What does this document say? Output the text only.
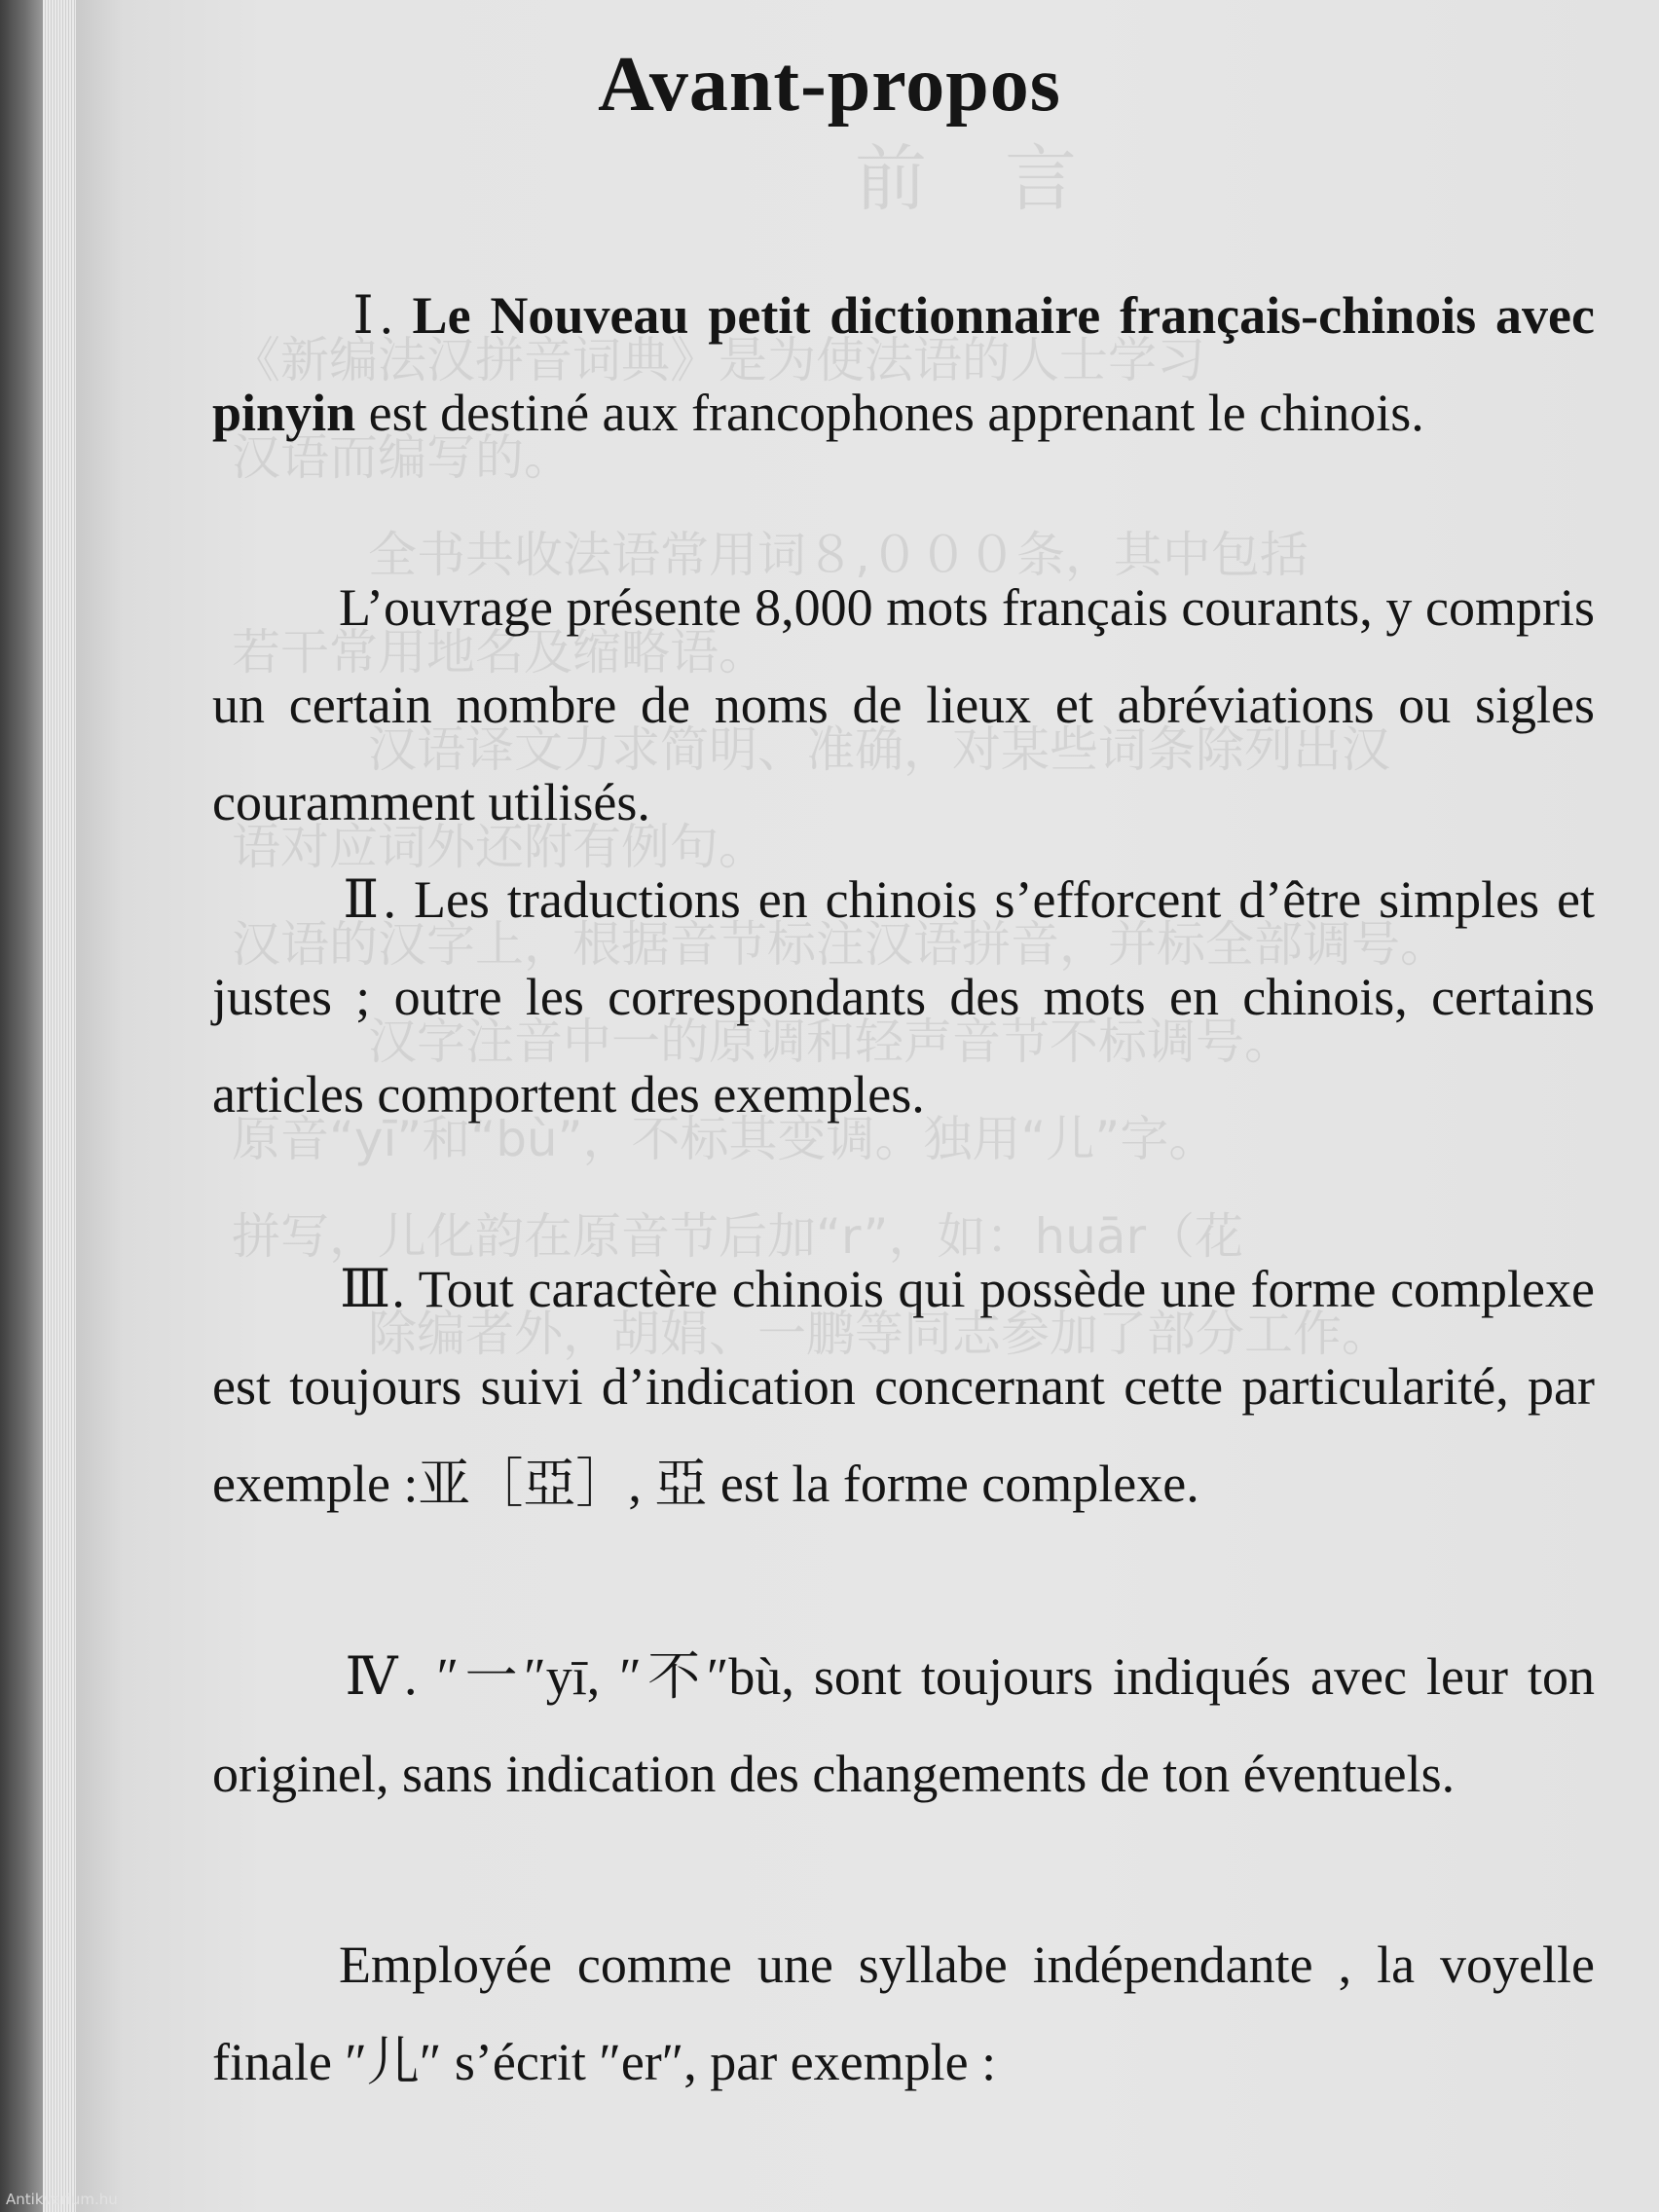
前言
《新编法汉拼音词典》是为使法语的人士学习
汉语而编写的。
全书共收法语常用词８,０００条，其中包括
若干常用地名及缩略语。
汉语译文力求简明、准确，对某些词条除列出汉
语对应词外还附有例句。
汉语的汉字上，根据音节标注汉语拼音，并标全部调号。
汉字注音中一的原调和轻声音节不标调号。
原音“yī”和“bù”，不标其变调。独用“儿”字。
拼写，儿化韵在原音节后加“r”，如：huār（花
除编者外，胡娟、一鹏等同志参加了部分工作。
Avant-propos

Ⅰ. Le Nouveau petit dictionnaire français-chinois avec pinyin est destiné aux francophones apprenant le chinois.

L’ouvrage présente 8,000 mots français courants, y compris un certain nombre de noms de lieux et abréviations ou sigles couramment utilisés.

Ⅱ. Les traductions en chinois s’efforcent d’être simples et justes ; outre les correspondants des mots en chinois, certains articles comportent des exemples.

Ⅲ. Tout caractère chinois qui possède une forme complexe est toujours suivi d’indication concernant cette particularité, par exemple :亚［亞］, 亞 est la forme complexe.

Ⅳ. ″一″yī, ″不″bù, sont toujours indiqués avec leur ton originel, sans indication des changements de ton éventuels.

Employée comme une syllabe indépendante , la voyelle finale ″儿″ s’écrit ″er″, par exemple :

Antikvarium.hu
